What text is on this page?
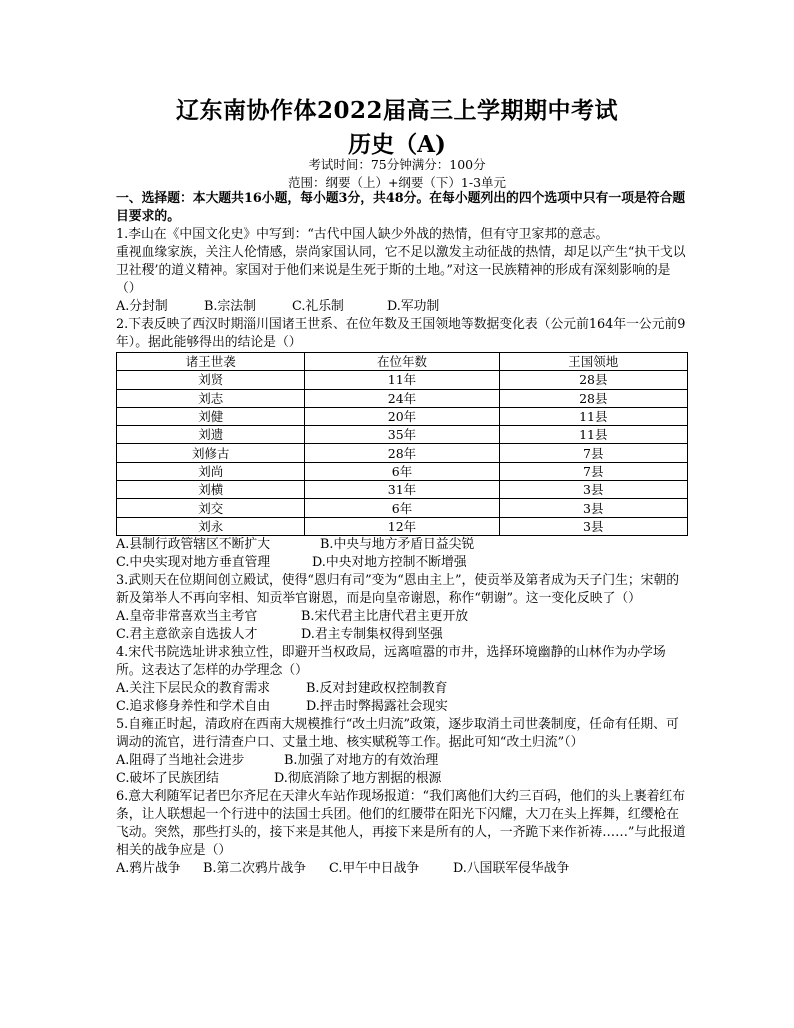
辽东南协作体2022届高三上学期期中考试
历史（A)
考试时间：75分钟满分：100分
范围：纲要（上）+纲要（下）1-3单元

一、选择题：本大题共16小题，每小题3分，共48分。在每小题列出的四个选项中只有一项是符合题目要求的。

1.李山在《中国文化史》中写到：“古代中国人缺少外战的热情，但有守卫家邦的意志。

重视血缘家族，关注人伦情感，崇尚家国认同，它不足以激发主动征战的热情，却足以产生“执干戈以卫社稷’的道义精神。家国对于他们来说是生死于斯的土地。”对这一民族精神的形成有深刻影响的是（）

A.分封制	B.宗法制	C.礼乐制	D.军功制

2.下表反映了西汉时期淄川国诸王世系、在位年数及王国领地等数据变化表（公元前164年一公元前9年）。据此能够得出的结论是（）

诸王世袭	在位年数	王国领地
刘贤	11年	28县
刘志	24年	28县
刘健	20年	11县
刘遗	35年	11县
刘修古	28年	7县
刘尚	6年	7县
刘横	31年	3县
刘交	6年	3县
刘永	12年	3县
A.县制行政管辖区不断扩大	B.中央与地方矛盾日益尖锐
C.中央实现对地方垂直管理	D.中央对地方控制不断增强

3.武则天在位期间创立殿试，使得“恩归有司”变为“恩由主上”，使贡举及第者成为天子门生；宋朝的新及第举人不再向宰相、知贡举官谢恩，而是向皇帝谢恩，称作“朝谢”。这一变化反映了（）

A.皇帝非常喜欢当主考官	B.宋代君主比唐代君主更开放
C.君主意欲亲自选拔人才	D.君主专制集权得到坚强

4.宋代书院选址讲求独立性，即避开当权政局，远离喧嚣的市井，选择环境幽静的山林作为办学场所。这表达了怎样的办学理念（）

A.关注下层民众的教育需求	B.反对封建政权控制教育
C.追求修身养性和学术自由	D.抨击时弊揭露社会现实

5.自雍正时起，清政府在西南大规模推行“改土归流”政策，逐步取消土司世袭制度，任命有任期、可调动的流官，进行清查户口、丈量土地、核实赋税等工作。据此可知“改土归流”（）

A.阻碍了当地社会进步	B.加强了对地方的有效治理
C.破坏了民族团结	D.彻底消除了地方割据的根源

6.意大利随军记者巴尔齐尼在天津火车站作现场报道：“我们离他们大约三百码，他们的头上裹着红布条，让人联想起一个行进中的法国士兵团。他们的红腰带在阳光下闪耀，大刀在头上挥舞，红缨枪在飞动。突然，那些打头的，接下来是其他人，再接下来是所有的人，一齐跪下来作祈祷……”与此报道相关的战争应是（）

A.鸦片战争	B.第二次鸦片战争	C.甲午中日战争	D.八国联军侵华战争
